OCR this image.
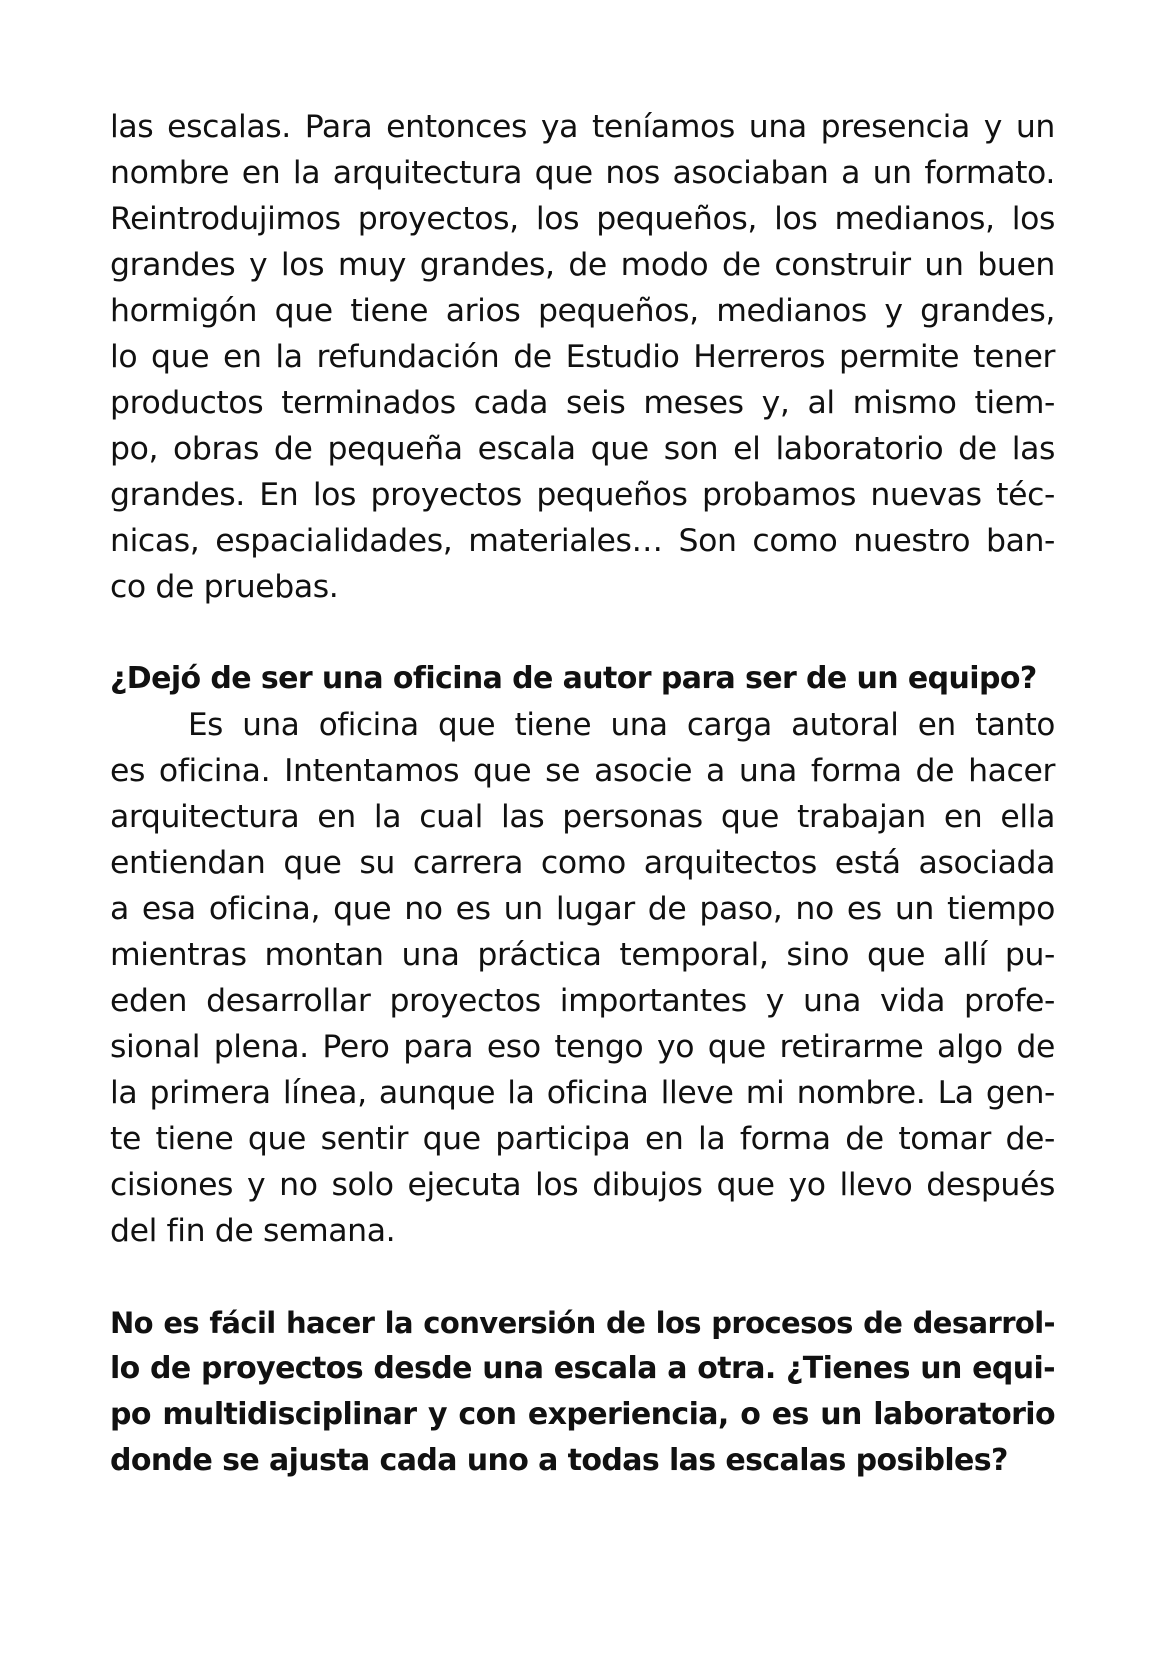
las escalas. Para entonces ya teníamos una presencia y un
nombre en la arquitectura que nos asociaban a un formato.
Reintrodujimos proyectos, los pequeños, los medianos, los
grandes y los muy grandes, de modo de construir un buen
hormigón que tiene arios pequeños, medianos y grandes,
lo que en la refundación de Estudio Herreros permite tener
productos terminados cada seis meses y, al mismo tiem-
po, obras de pequeña escala que son el laboratorio de las
grandes. En los proyectos pequeños probamos nuevas téc-
nicas, espacialidades, materiales… Son como nuestro ban-
co de pruebas.
¿Dejó de ser una oficina de autor para ser de un equipo?
Es una oficina que tiene una carga autoral en tanto
es oficina. Intentamos que se asocie a una forma de hacer
arquitectura en la cual las personas que trabajan en ella
entiendan que su carrera como arquitectos está asociada
a esa oficina, que no es un lugar de paso, no es un tiempo
mientras montan una práctica temporal, sino que allí pu-
eden desarrollar proyectos importantes y una vida profe-
sional plena. Pero para eso tengo yo que retirarme algo de
la primera línea, aunque la oficina lleve mi nombre. La gen-
te tiene que sentir que participa en la forma de tomar de-
cisiones y no solo ejecuta los dibujos que yo llevo después
del fin de semana.
No es fácil hacer la conversión de los procesos de desarrol-
lo de proyectos desde una escala a otra. ¿Tienes un equi-
po multidisciplinar y con experiencia, o es un laboratorio
donde se ajusta cada uno a todas las escalas posibles?
